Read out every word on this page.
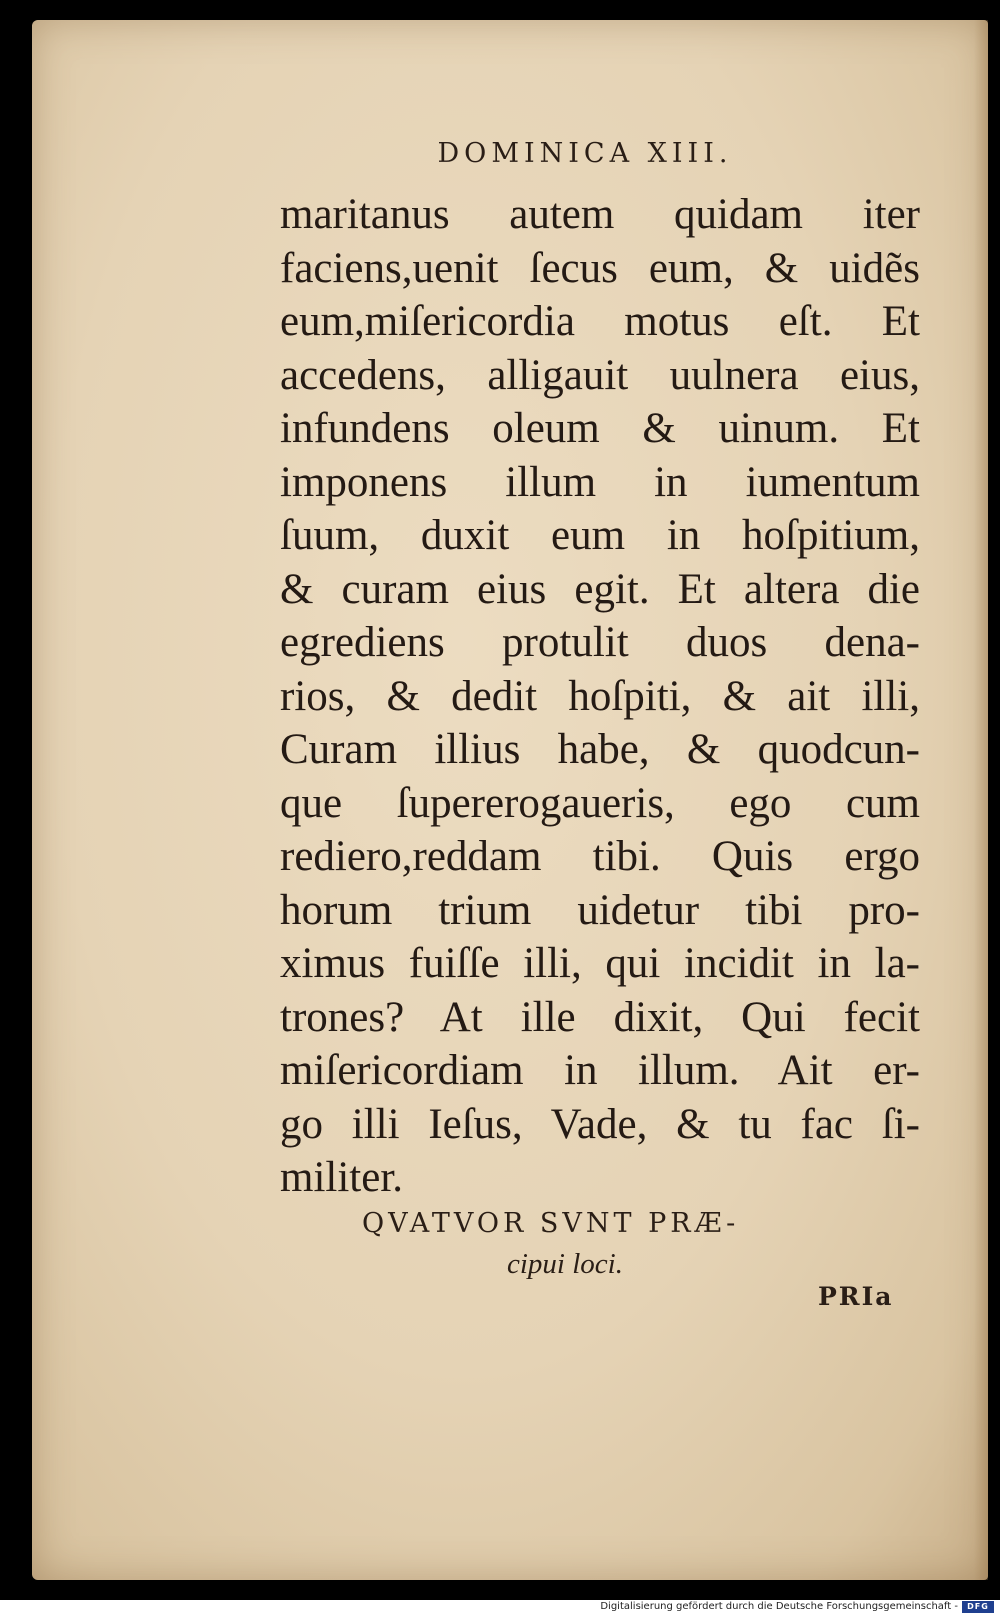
DOMINICA XIII.
maritanus autem quidam iter
faciens,uenit ſecus eum, & uidẽs
eum,miſericordia motus eſt. Et
accedens, alligauit uulnera eius,
infundens oleum & uinum. Et
imponens illum in iumentum
ſuum, duxit eum in hoſpitium,
& curam eius egit. Et altera die
egrediens protulit duos dena-
rios, & dedit hoſpiti, & ait illi,
Curam illius habe, & quodcun-
que ſupererogaueris, ego cum
rediero,reddam tibi. Quis ergo
horum trium uidetur tibi pro-
ximus fuiſſe illi, qui incidit in la-
trones? At ille dixit, Qui fecit
miſericordiam in illum. Ait er-
go illi Ieſus, Vade, & tu fac ſi-
militer.
QVATVOR SVNT PRÆ-
cipui loci.
PRIa
Digitalisierung gefördert durch die Deutsche Forschungsgemeinschaft -	DFG
